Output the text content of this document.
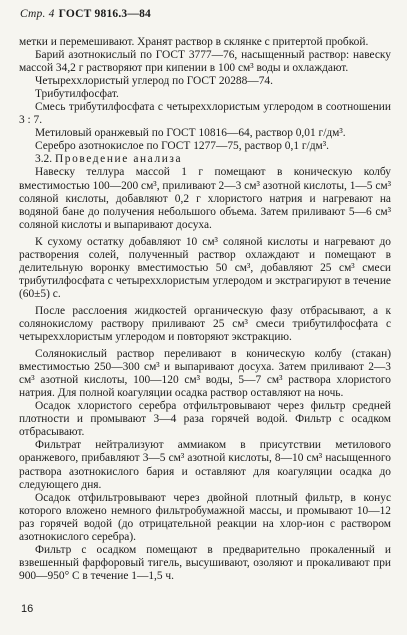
Стр. 4 ГОСТ 9816.3—84

метки и перемешивают. Хранят раствор в склянке с притертой пробкой.

Барий азотнокислый по ГОСТ 3777—76, насыщенный раствор: навеску массой 34,2 г растворяют при кипении в 100 см³ воды и охлаждают.

Четыреххлористый углерод по ГОСТ 20288—74.

Трибутилфосфат.

Смесь трибутилфосфата с четыреххлористым углеродом в соотношении 3 : 7.

Метиловый оранжевый по ГОСТ 10816—64, раствор 0,01 г/дм³.

Серебро азотнокислое по ГОСТ 1277—75, раствор 0,1 г/дм³.

3.2. Проведение анализа

Навеску теллура массой 1 г помещают в коническую колбу вместимостью 100—200 см³, приливают 2—3 см³ азотной кислоты, 1—5 см³ соляной кислоты, добавляют 0,2 г хлористого натрия и нагревают на водяной бане до получения небольшого объема. Затем приливают 5—6 см³ соляной кислоты и выпаривают досуха.

К сухому остатку добавляют 10 см³ соляной кислоты и нагревают до растворения солей, полученный раствор охлаждают и помещают в делительную воронку вместимостью 50 см³, добавляют 25 см³ смеси трибутилфосфата с четыреххлористым углеродом и экстрагируют в течение (60±5) с.

После расслоения жидкостей органическую фазу отбрасывают, а к солянокислому раствору приливают 25 см³ смеси трибутилфосфата с четыреххлористым углеродом и повторяют экстракцию.

Солянокислый раствор переливают в коническую колбу (стакан) вместимостью 250—300 см³ и выпаривают досуха. Затем приливают 2—3 см³ азотной кислоты, 100—120 см³ воды, 5—7 см³ раствора хлористого натрия. Для полной коагуляции осадка раствор оставляют на ночь.

Осадок хлористого серебра отфильтровывают через фильтр средней плотности и промывают 3—4 раза горячей водой. Фильтр с осадком отбрасывают.

Фильтрат нейтрализуют аммиаком в присутствии метилового оранжевого, прибавляют 3—5 см³ азотной кислоты, 8—10 см³ насыщенного раствора азотнокислого бария и оставляют для коагуляции осадка до следующего дня.

Осадок отфильтровывают через двойной плотный фильтр, в конус которого вложено немного фильтробумажной массы, и промывают 10—12 раз горячей водой (до отрицательной реакции на хлор-ион с раствором азотнокислого серебра).

Фильтр с осадком помещают в предварительно прокаленный и взвешенный фарфоровый тигель, высушивают, озоляют и прокаливают при 900—950° С в течение 1—1,5 ч.

16
